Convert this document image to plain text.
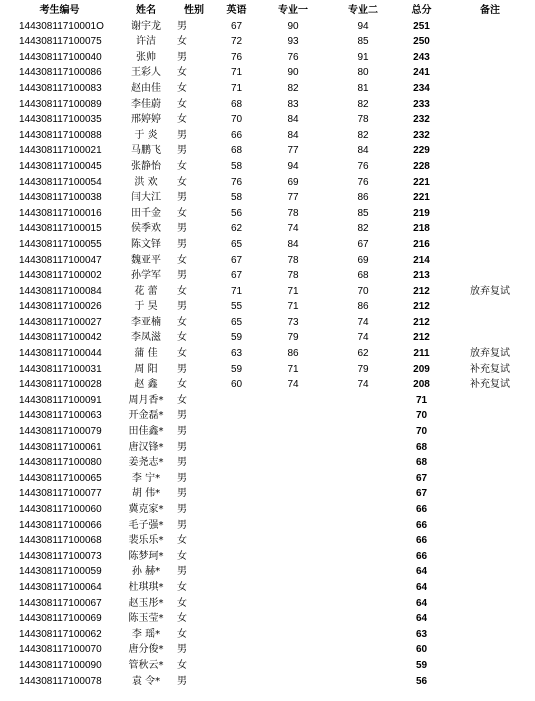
考生编号	姓名	性别	英语	专业一	专业二	总分	备注
14430811710001O	谢宇龙	男	67	90	94	251	
144308117100075	许洁	女	72	93	85	250	
144308117100040	张帅	男	76	76	91	243	
144308117100086	王彩人	女	71	90	80	241	
144308117100083	赵由佳	女	71	82	81	234	
144308117100089	李佳蔚	女	68	83	82	233	
144308117100035	邢婷婷	女	70	84	78	232	
144308117100088	于 炎	男	66	84	82	232	
144308117100021	马鹏飞	男	68	77	84	229	
144308117100045	张静怡	女	58	94	76	228	
144308117100054	洪 欢	女	76	69	76	221	
144308117100038	闫大江	男	58	77	86	221	
144308117100016	田千金	女	56	78	85	219	
144308117100015	侯季欢	男	62	74	82	218	
144308117100055	陈文铎	男	65	84	67	216	
144308117100047	魏亚平	女	67	78	69	214	
144308117100002	孙学军	男	67	78	68	213	
144308117100084	花 蕾	女	71	71	70	212	放弃复试
144308117100026	于 昊	男	55	71	86	212	
144308117100027	李亚楠	女	65	73	74	212	
144308117100042	李凤滋	女	59	79	74	212	
144308117100044	蒲 佳	女	63	86	62	211	放弃复试
144308117100031	周 阳	男	59	71	79	209	补充复试
144308117100028	赵 鑫	女	60	74	74	208	补充复试
144308117100091	周月香*	女				71	
144308117100063	开金磊*	男				70	
144308117100079	田佳鑫*	男				70	
144308117100061	唐汉锋*	男				68	
144308117100080	姜尧志*	男				68	
144308117100065	李 宁*	男				67	
144308117100077	胡 伟*	男				67	
144308117100060	冀克家*	男				66	
144308117100066	毛子强*	男				66	
144308117100068	裴乐乐*	女				66	
144308117100073	陈梦珂*	女				66	
144308117100059	孙 赫*	男				64	
144308117100064	杜琪琪*	女				64	
144308117100067	赵玉彤*	女				64	
144308117100069	陈玉莹*	女				64	
144308117100062	李 瑶*	女				63	
144308117100070	唐分俊*	男				60	
144308117100090	管秋云*	女				59	
144308117100078	袁 令*	男				56	
